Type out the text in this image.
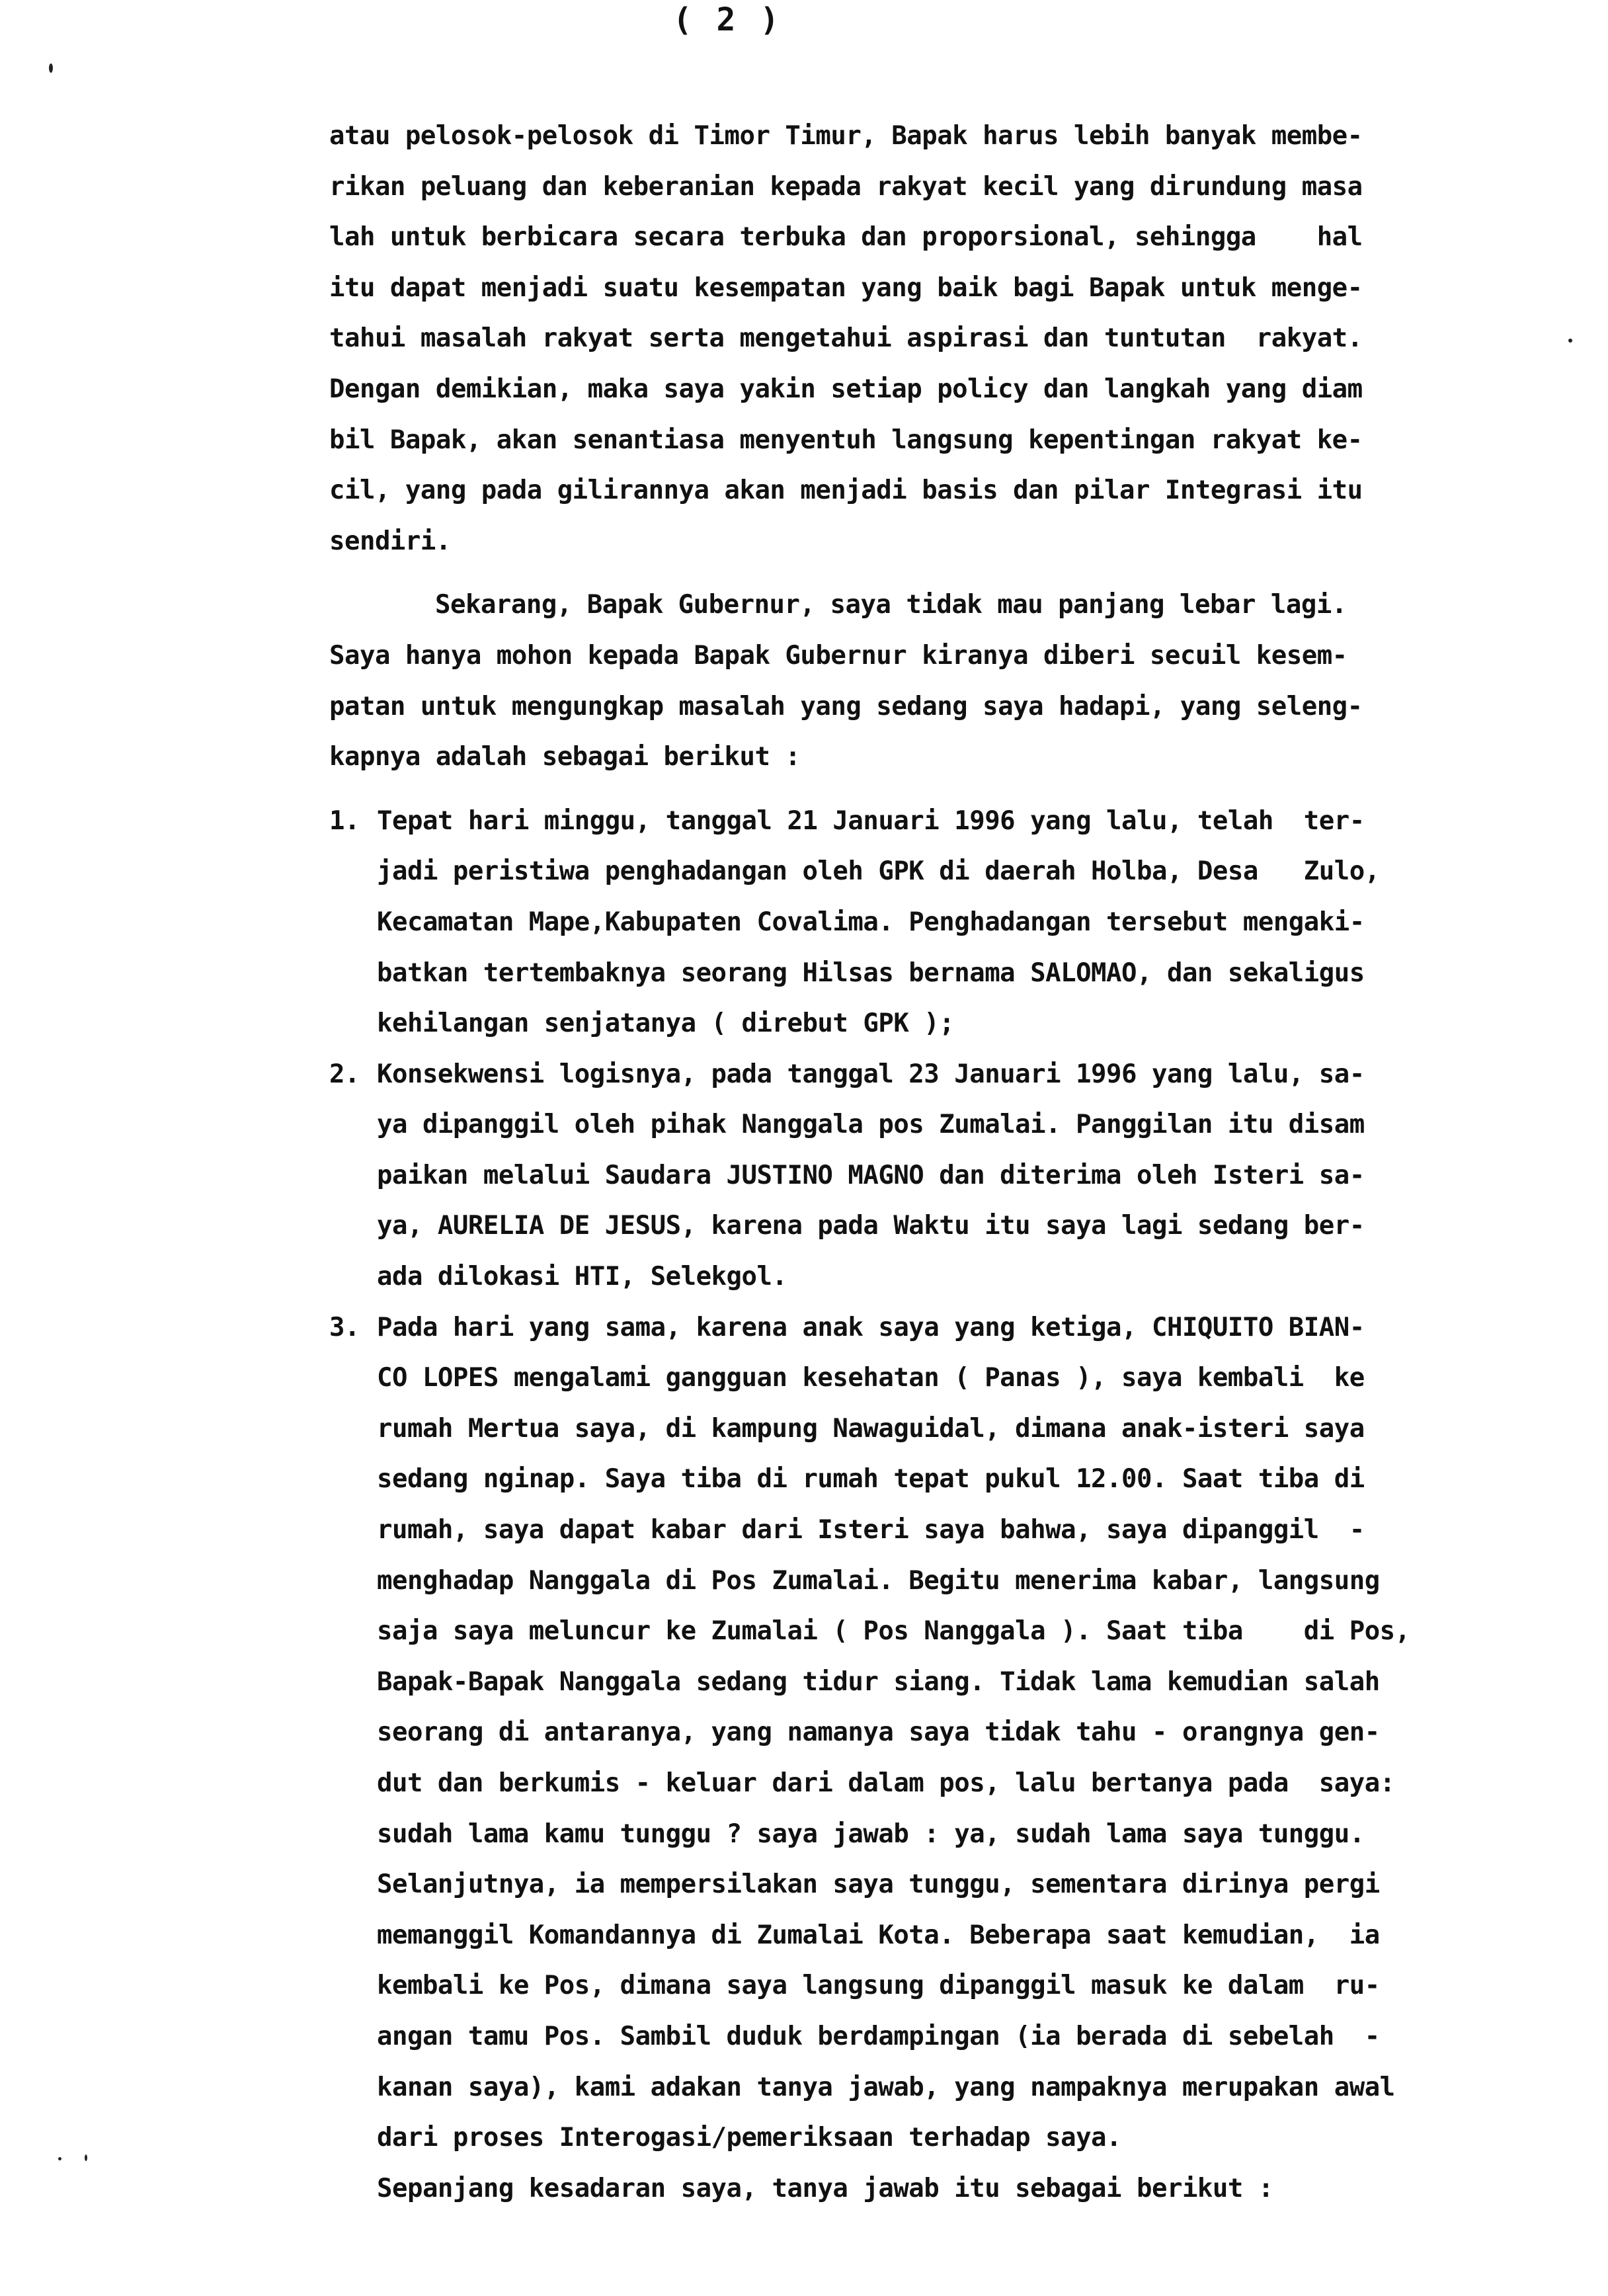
( 2 )
atau pelosok-pelosok di Timor Timur, Bapak harus lebih banyak membe-
rikan peluang dan keberanian kepada rakyat kecil yang dirundung masa
lah untuk berbicara secara terbuka dan proporsional, sehingga    hal
itu dapat menjadi suatu kesempatan yang baik bagi Bapak untuk menge-
tahui masalah rakyat serta mengetahui aspirasi dan tuntutan  rakyat.
Dengan demikian, maka saya yakin setiap policy dan langkah yang diam
bil Bapak, akan senantiasa menyentuh langsung kepentingan rakyat ke-
cil, yang pada gilirannya akan menjadi basis dan pilar Integrasi itu
sendiri.
Sekarang, Bapak Gubernur, saya tidak mau panjang lebar lagi.
Saya hanya mohon kepada Bapak Gubernur kiranya diberi secuil kesem-
patan untuk mengungkap masalah yang sedang saya hadapi, yang seleng-
kapnya adalah sebagai berikut :
1. Tepat hari minggu, tanggal 21 Januari 1996 yang lalu, telah  ter-
jadi peristiwa penghadangan oleh GPK di daerah Holba, Desa   Zulo,
Kecamatan Mape,Kabupaten Covalima. Penghadangan tersebut mengaki-
batkan tertembaknya seorang Hilsas bernama SALOMAO, dan sekaligus
kehilangan senjatanya ( direbut GPK );
2. Konsekwensi logisnya, pada tanggal 23 Januari 1996 yang lalu, sa-
ya dipanggil oleh pihak Nanggala pos Zumalai. Panggilan itu disam
paikan melalui Saudara JUSTINO MAGNO dan diterima oleh Isteri sa-
ya, AURELIA DE JESUS, karena pada Waktu itu saya lagi sedang ber-
ada dilokasi HTI, Selekgol.
3. Pada hari yang sama, karena anak saya yang ketiga, CHIQUITO BIAN-
CO LOPES mengalami gangguan kesehatan ( Panas ), saya kembali  ke
rumah Mertua saya, di kampung Nawaguidal, dimana anak-isteri saya
sedang nginap. Saya tiba di rumah tepat pukul 12.00. Saat tiba di
rumah, saya dapat kabar dari Isteri saya bahwa, saya dipanggil  -
menghadap Nanggala di Pos Zumalai. Begitu menerima kabar, langsung
saja saya meluncur ke Zumalai ( Pos Nanggala ). Saat tiba    di Pos,
Bapak-Bapak Nanggala sedang tidur siang. Tidak lama kemudian salah
seorang di antaranya, yang namanya saya tidak tahu - orangnya gen-
dut dan berkumis - keluar dari dalam pos, lalu bertanya pada  saya:
sudah lama kamu tunggu ? saya jawab : ya, sudah lama saya tunggu.
Selanjutnya, ia mempersilakan saya tunggu, sementara dirinya pergi
memanggil Komandannya di Zumalai Kota. Beberapa saat kemudian,  ia
kembali ke Pos, dimana saya langsung dipanggil masuk ke dalam  ru-
angan tamu Pos. Sambil duduk berdampingan (ia berada di sebelah  -
kanan saya), kami adakan tanya jawab, yang nampaknya merupakan awal
dari proses Interogasi/pemeriksaan terhadap saya.
Sepanjang kesadaran saya, tanya jawab itu sebagai berikut :
